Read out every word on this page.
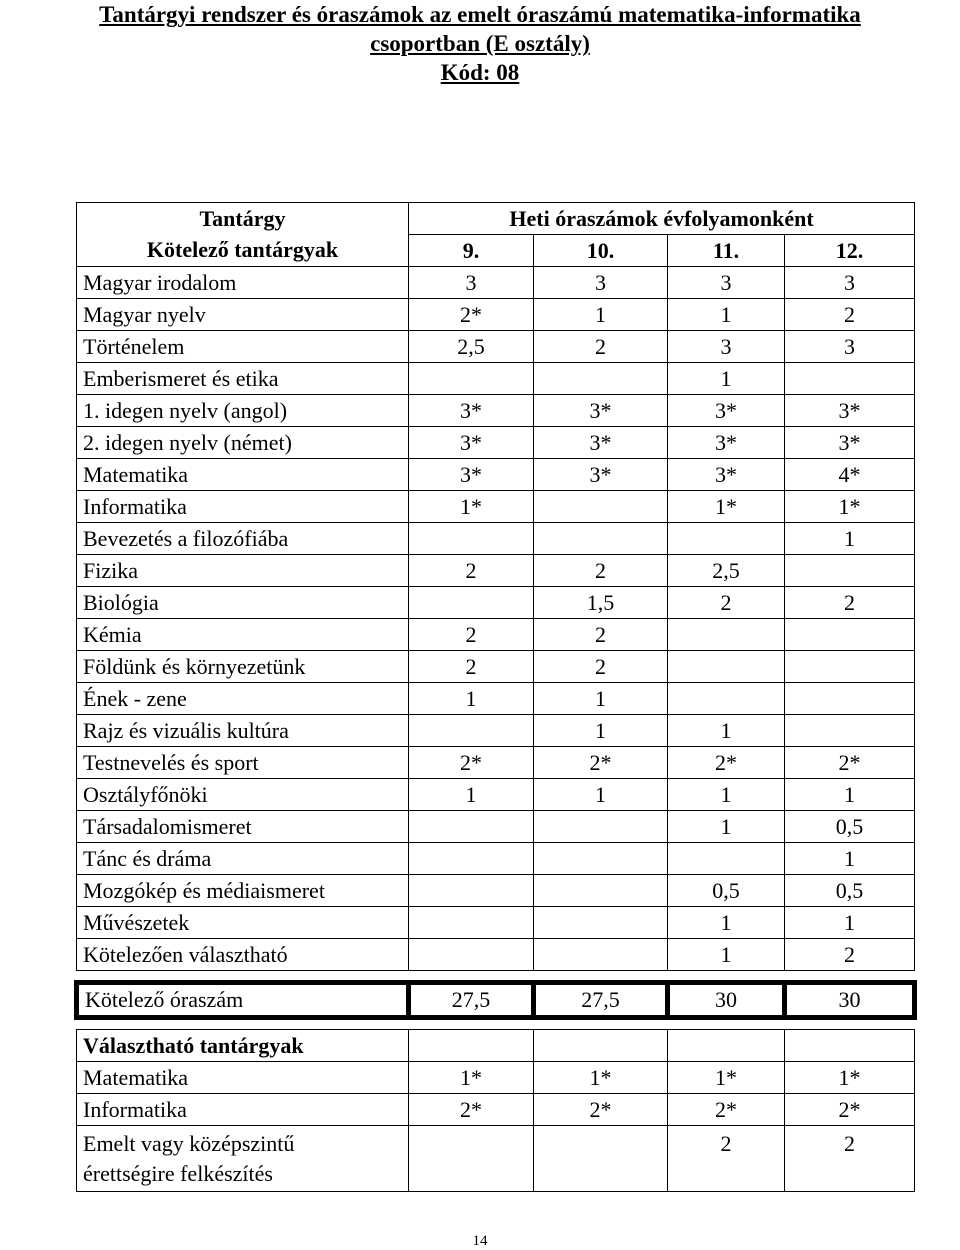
Tantárgyi rendszer és óraszámok az emelt óraszámú matematika-informatika
csoportban (E osztály)
Kód: 08
Tantárgy	Heti óraszámok évfolyamonként			
Kötelező tantárgyak	9.	10.	11.	12.
Magyar irodalom	3	3	3	3
Magyar nyelv	2*	1	1	2
Történelem	2,5	2	3	3
Emberismeret és etika			1	
1. idegen nyelv (angol)	3*	3*	3*	3*
2. idegen nyelv (német)	3*	3*	3*	3*
Matematika	3*	3*	3*	4*
Informatika	1*		1*	1*
Bevezetés a filozófiába				1
Fizika	2	2	2,5	
Biológia		1,5	2	2
Kémia	2	2		
Földünk és környezetünk	2	2		
Ének - zene	1	1		
Rajz és vizuális kultúra		1	1	
Testnevelés és sport	2*	2*	2*	2*
Osztályfőnöki	1	1	1	1
Társadalomismeret			1	0,5
Tánc és dráma				1
Mozgókép és médiaismeret			0,5	0,5
Művészetek			1	1
Kötelezően választható			1	2

Kötelező óraszám	27,5	27,5	30	30

Választható tantárgyak				
Matematika	1*	1*	1*	1*
Informatika	2*	2*	2*	2*

Emelt vagy középszintű
érettségire felkészítés			2	2
14
